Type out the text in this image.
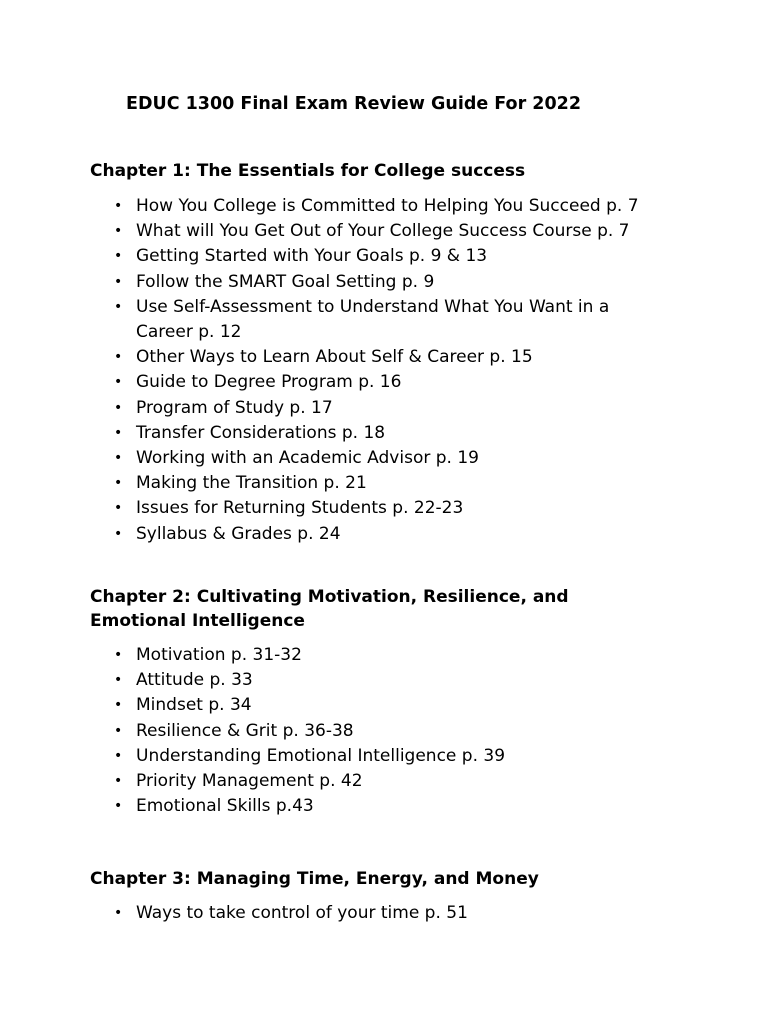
EDUC 1300 Final Exam Review Guide For 2022
Chapter 1: The Essentials for College success
• How You College is Committed to Helping You Succeed p. 7
• What will You Get Out of Your College Success Course p. 7
• Getting Started with Your Goals p. 9 & 13
• Follow the SMART Goal Setting p. 9
• Use Self-Assessment to Understand What You Want in a
Career p. 12
• Other Ways to Learn About Self & Career p. 15
• Guide to Degree Program p. 16
• Program of Study p. 17
• Transfer Considerations p. 18
• Working with an Academic Advisor p. 19
• Making the Transition p. 21
• Issues for Returning Students p. 22-23
• Syllabus & Grades p. 24
Chapter 2: Cultivating Motivation, Resilience, and
Emotional Intelligence
• Motivation p. 31-32
• Attitude p. 33
• Mindset p. 34
• Resilience & Grit p. 36-38
• Understanding Emotional Intelligence p. 39
• Priority Management p. 42
• Emotional Skills p.43
Chapter 3: Managing Time, Energy, and Money
• Ways to take control of your time p. 51
